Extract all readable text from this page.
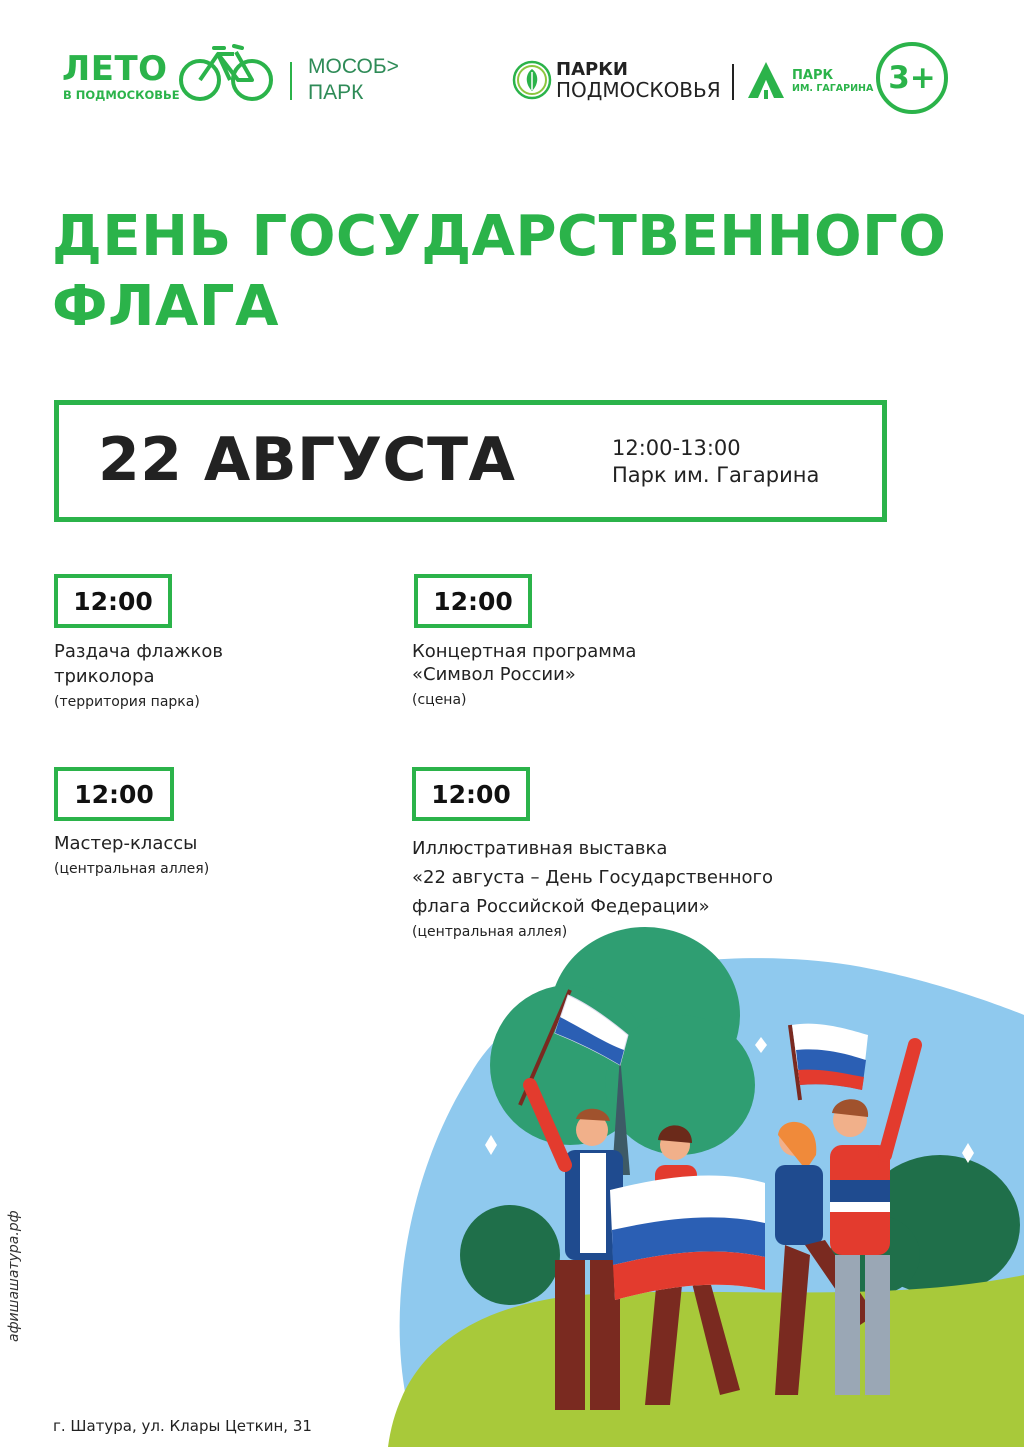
ЛЕТО
В ПОДМОСКОВЬЕ
МОСОБ>
ПАРК
ПАРКИ
ПОДМОСКОВЬЯ
ПАРК
ИМ. ГАГАРИНА 3+
ДЕНЬ ГОСУДАРСТВЕННОГО
ФЛАГА
22 АВГУСТА	12:00-13:00
Парк им. Гагарина
12:00
Раздача флажков
триколора
(территория парка)
12:00
Концертная программа
«Символ России»
(сцена)
12:00
Мастер-классы
(центральная аллея)
12:00
Иллюстративная выставка
«22 августа – День Государственного
флага Российской Федерации»
(центральная аллея)
афишашатура.рф
г. Шатура, ул. Клары Цеткин, 31
